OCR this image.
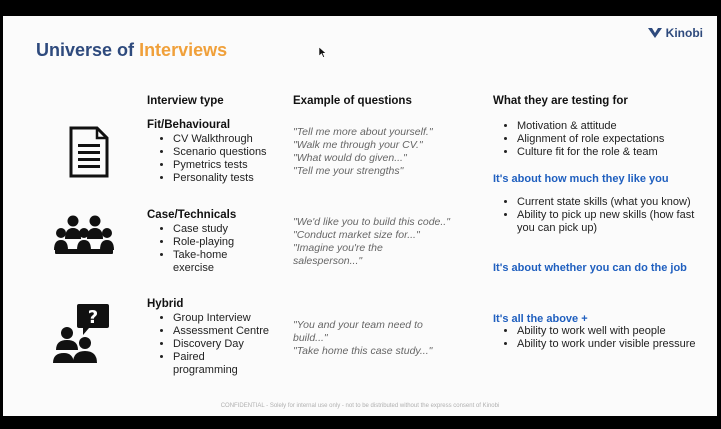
Universe of Interviews
Kinobi
Interview type	Example of questions	What they are testing for
Fit/Behavioural
• CV Walkthrough
• Scenario questions
• Pymetrics tests
• Personality tests
"Tell me more about yourself."
"Walk me through your CV."
"What would do given..."
"Tell me your strengths"
• Motivation & attitude
• Alignment of role expectations
• Culture fit for the role & team
It's about how much they like you
Case/Technicals
• Case study
• Role-playing
• Take-home
exercise
"We'd like you to build this code.."
"Conduct market size for..."
"Imagine you're the
salesperson..."
• Current state skills (what you know)
• Ability to pick up new skills (how fast you can pick up)
It's about whether you can do the job
?
Hybrid
• Group Interview
• Assessment Centre
• Discovery Day
• Paired
programming
"You and your team need to
build..."
"Take home this case study..."
It's all the above +
• Ability to work well with people
• Ability to work under visible pressure
CONFIDENTIAL - Solely for internal use only - not to be distributed without the express consent of Kinobi
